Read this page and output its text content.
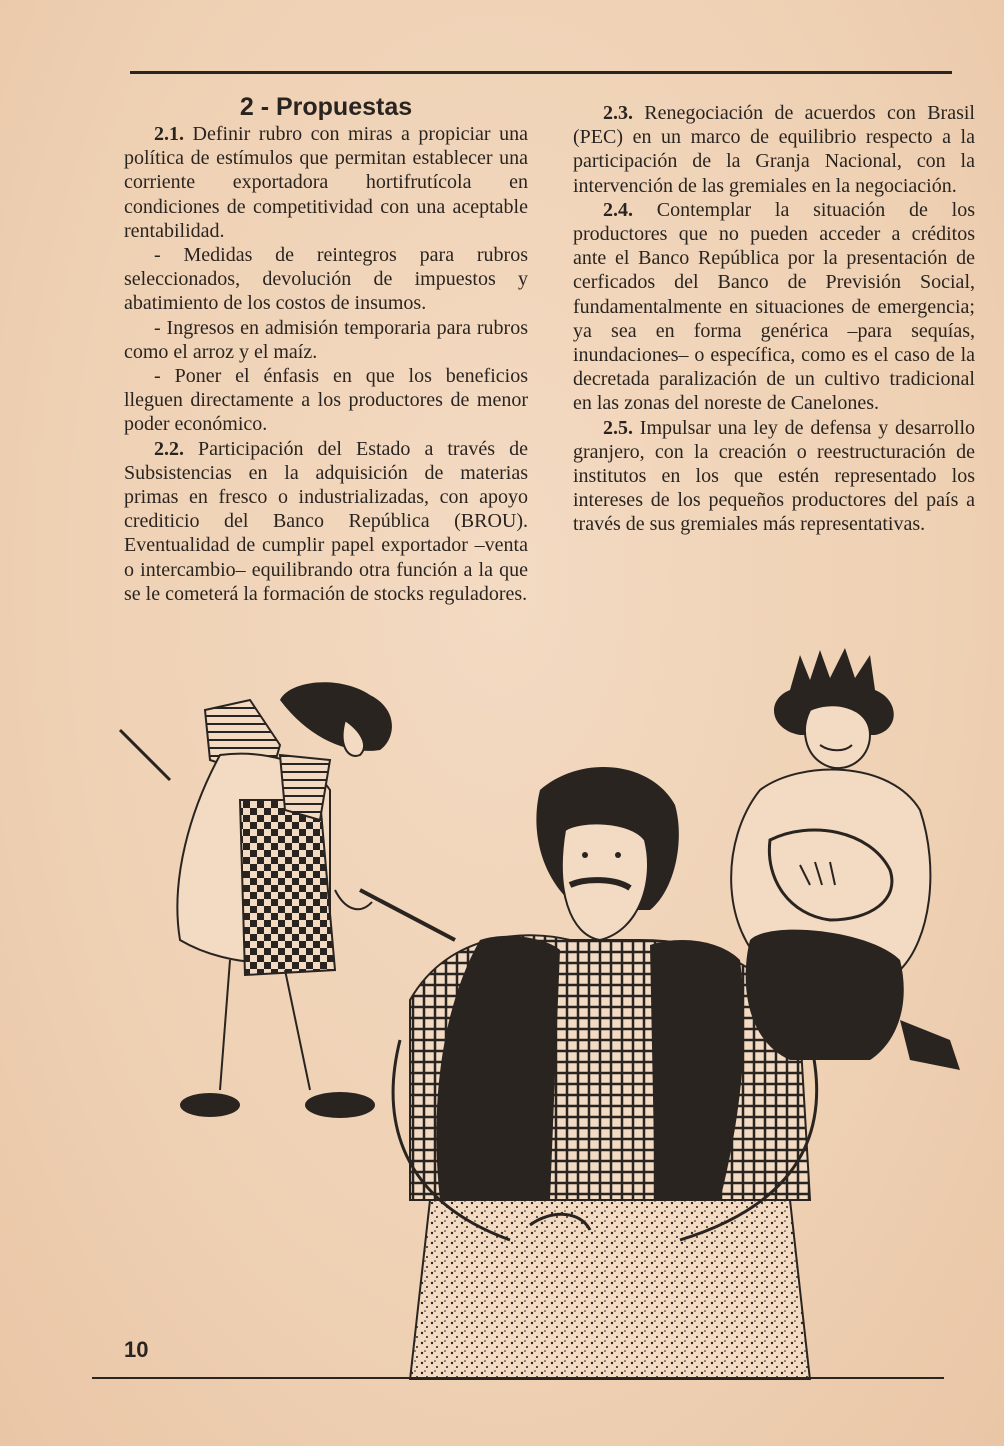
2 - Propuestas

2.1. Definir rubro con miras a propiciar una política de estímulos que permitan establecer una corriente exportadora hortifrutícola en condiciones de competitividad con una aceptable rentabilidad.

- Medidas de reintegros para rubros seleccionados, devolución de impuestos y abatimiento de los costos de insumos.

- Ingresos en admisión temporaria para rubros como el arroz y el maíz.

- Poner el énfasis en que los beneficios lleguen directamente a los productores de menor poder económico.

2.2. Participación del Estado a través de Subsistencias en la adquisición de materias primas en fresco o industrializadas, con apoyo crediticio del Banco República (BROU). Eventualidad de cumplir papel exportador –venta o intercambio– equilibrando otra función a la que se le cometerá la formación de stocks reguladores.

2.3. Renegociación de acuerdos con Brasil (PEC) en un marco de equilibrio respecto a la participación de la Granja Nacional, con la intervención de las gremiales en la negociación.

2.4. Contemplar la situación de los productores que no pueden acceder a créditos ante el Banco República por la presentación de cerficados del Banco de Previsión Social, fundamentalmente en situaciones de emergencia; ya sea en forma genérica –para sequías, inundaciones– o específica, como es el caso de la decretada paralización de un cultivo tradicional en las zonas del noreste de Canelones.

2.5. Impulsar una ley de defensa y desarrollo granjero, con la creación o reestructuración de institutos en los que estén representado los intereses de los pequeños productores del país a través de sus gremiales más representativas.

10
